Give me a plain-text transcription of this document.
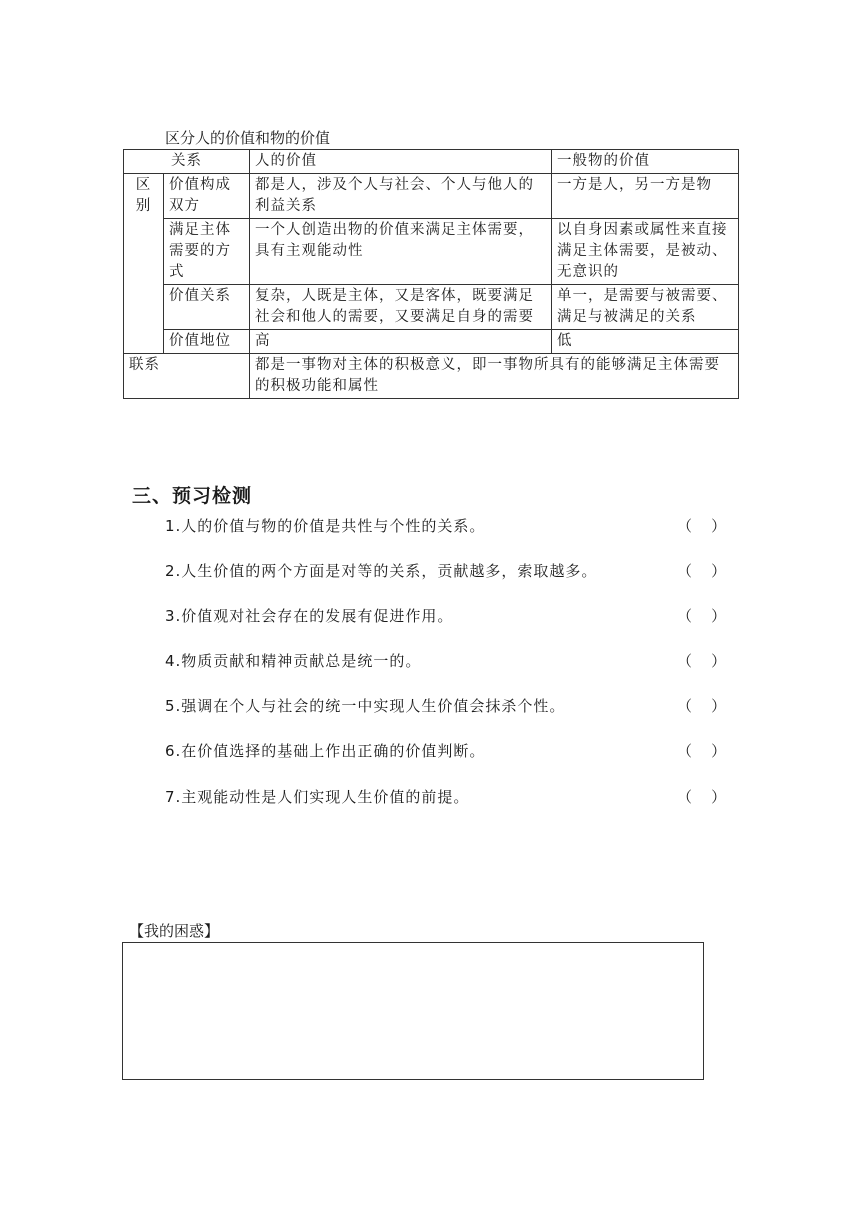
区分人的价值和物的价值
关系		人的价值	一般物的价值
区别	价值构成双方	都是人，涉及个人与社会、个人与他人的利益关系	一方是人，另一方是物
	满足主体需要的方式	一个人创造出物的价值来满足主体需要，具有主观能动性	以自身因素或属性来直接满足主体需要，是被动、无意识的
	价值关系	复杂，人既是主体，又是客体，既要满足社会和他人的需要，又要满足自身的需要	单一，是需要与被需要、满足与被满足的关系
	价值地位	高	低
联系		都是一事物对主体的积极意义，即一事物所具有的能够满足主体需要的积极功能和属性	
三、预习检测
1.人的价值与物的价值是共性与个性的关系。	（    ）
2.人生价值的两个方面是对等的关系，贡献越多，索取越多。	（    ）
3.价值观对社会存在的发展有促进作用。	（    ）
4.物质贡献和精神贡献总是统一的。	（    ）
5.强调在个人与社会的统一中实现人生价值会抹杀个性。	（    ）
6.在价值选择的基础上作出正确的价值判断。	（    ）
7.主观能动性是人们实现人生价值的前提。	（    ）
【我的困惑】
